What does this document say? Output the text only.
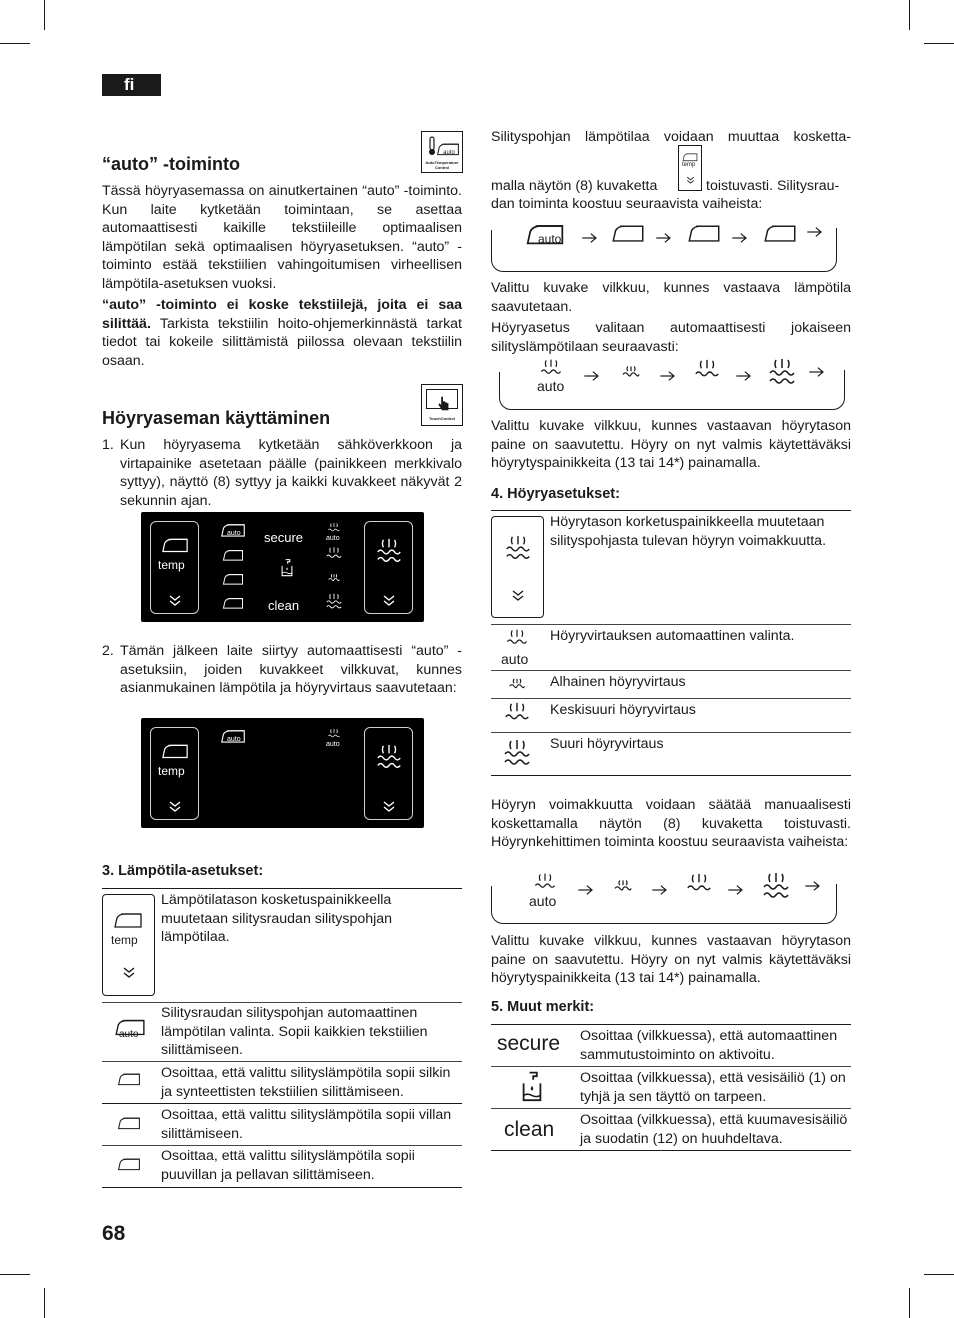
fi
68
auto
AutoTemperature Control
“auto” -toiminto

Tässä höyryasemassa on ainutkertainen “auto” -toiminto. Kun laite kytketään toimintaan, se asettaa automaattisesti kaikille tekstiileille optimaalisen lämpötilan sekä optimaalisen höyryasetuksen. “auto” -toiminto estää tekstiilien vahingoitumisen virheellisen lämpötila-asetuksen vuoksi.

“auto” -toiminto ei koske tekstiilejä, joita ei saa silittää. Tarkista tekstiilin hoito-ohjemerkinnästä tarkat tiedot tai kokeile silittämistä piilossa olevaan tekstiilin osaan.

TouchControl
Höyryaseman käyttäminen
1. Kun höyryasema kytketään sähköverkkoon ja virtapainike asetetaan päälle (painikkeen merkkivalo syttyy), näyttö (8) syttyy ja kaikki kuvakkeet näkyvät 2 sekunnin ajan.

temp
auto secure
clean
auto
2. Tämän jälkeen laite siirtyy automaattisesti “auto” -asetuksiin, joiden kuvakkeet vilkkuvat, kunnes asianmukainen lämpötila ja höyryvirtaus saavutetaan:

temp
auto
auto
3. Lämpötila-asetukset:
temp

Lämpötilatason kosketuspainikkeella muutetaan silitysraudan silityspohjan lämpötilaa.

auto

Silitysraudan silityspohjan automaattinen lämpötilan valinta. Sopii kaikkien tekstiilien silittämiseen.

Osoittaa, että valittu silityslämpötila sopii silkin ja synteettisten tekstiilien silittämiseen.

Osoittaa, että valittu silityslämpötila sopii villan silittämiseen.

Osoittaa, että valittu silityslämpötila sopii puuvillan ja pellavan silittämiseen.

Silityspohjan lämpötilaa voidaan muuttaa kosketta-

temp

malla näytön (8) kuvaketta	toistuvasti. Silitysrau-

dan toiminta koostuu seuraavista vaiheista:

auto

Valittu kuvake vilkkuu, kunnes vastaava lämpötila saavutetaan.

Höyryasetus valitaan automaattisesti jokaiseen silityslämpötilaan seuraavasti:

auto

Valittu kuvake vilkkuu, kunnes vastaavan höyrytason paine on saavutettu. Höyry on nyt valmis käytettäväksi höyrytyspainikkeita (13 tai 14*) painamalla.

4. Höyryasetukset:

Höyrytason korketuspainikkeella muutetaan silityspohjasta tulevan höyryn voimakkuutta.

auto

Höyryvirtauksen automaattinen valinta.

Alhainen höyryvirtaus

Keskisuuri höyryvirtaus

Suuri höyryvirtaus

Höyryn voimakkuutta voidaan säätää manuaalisesti koskettamalla näytön (8) kuvaketta toistuvasti. Höyrynkehittimen toiminta koostuu seuraavista vaiheista:

auto

Valittu kuvake vilkkuu, kunnes vastaavan höyrytason paine on saavutettu. Höyry on nyt valmis käytettäväksi höyrytyspainikkeita (13 tai 14*) painamalla.

5. Muut merkit:
secure Osoittaa (vilkkuessa), että automaattinen sammutustoiminto on aktivoitu.

Osoittaa (vilkkuessa), että vesisäiliö (1) on tyhjä ja sen täyttö on tarpeen.

clean Osoittaa (vilkkuessa), että kuumavesisäiliö ja suodatin (12) on huuhdeltava.
